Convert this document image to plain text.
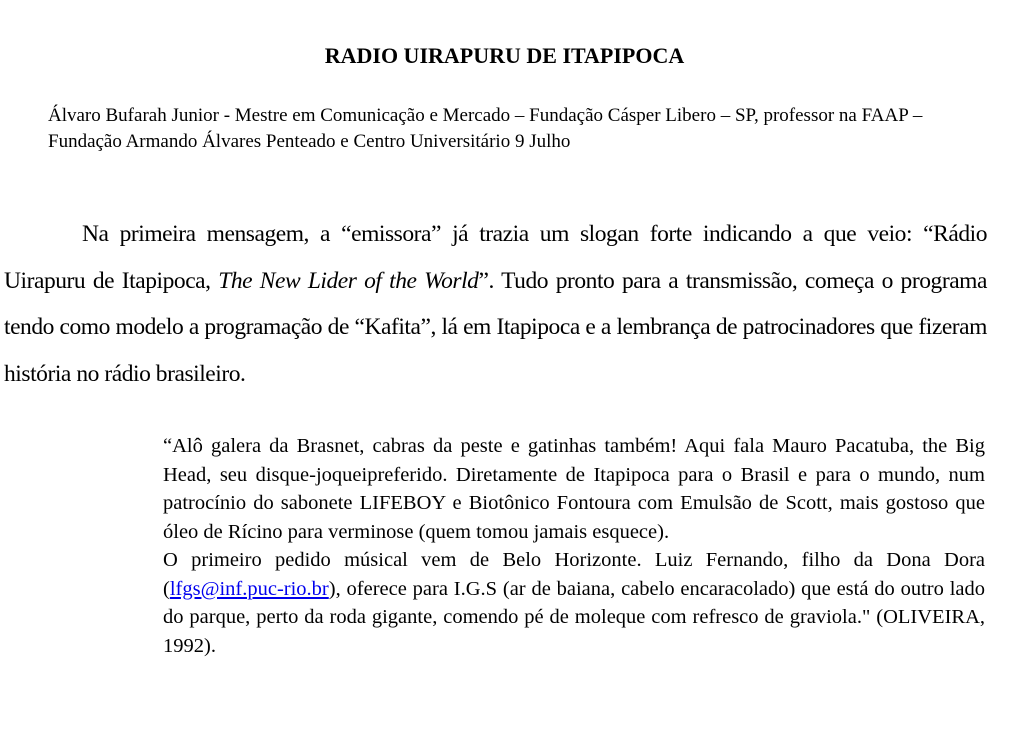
RADIO UIRAPURU DE ITAPIPOCA

Álvaro Bufarah Junior - Mestre em Comunicação e Mercado – Fundação Cásper Libero – SP, professor na FAAP – Fundação Armando Álvares Penteado e Centro Universitário 9 Julho

Na primeira mensagem, a “emissora” já trazia um slogan forte indicando a que veio: “Rádio Uirapuru de Itapipoca, The New Lider of the World”. Tudo pronto para a transmissão, começa o programa tendo como modelo a programação de “Kafita”, lá em Itapipoca e a lembrança de patrocinadores que fizeram história no rádio brasileiro.

“Alô galera da Brasnet, cabras da peste e gatinhas também! Aqui fala Mauro Pacatuba, the Big Head, seu disque-joqueipreferido. Diretamente de Itapipoca para o Brasil e para o mundo, num patrocínio do sabonete LIFEBOY e Biotônico Fontoura com Emulsão de Scott, mais gostoso que óleo de Rícino para verminose (quem tomou jamais esquece).

O primeiro pedido músical vem de Belo Horizonte. Luiz Fernando, filho da Dona Dora (lfgs@inf.puc-rio.br), oferece para I.G.S (ar de baiana, cabelo encaracolado) que está do outro lado do parque, perto da roda gigante, comendo pé de moleque com refresco de graviola." (OLIVEIRA, 1992).
